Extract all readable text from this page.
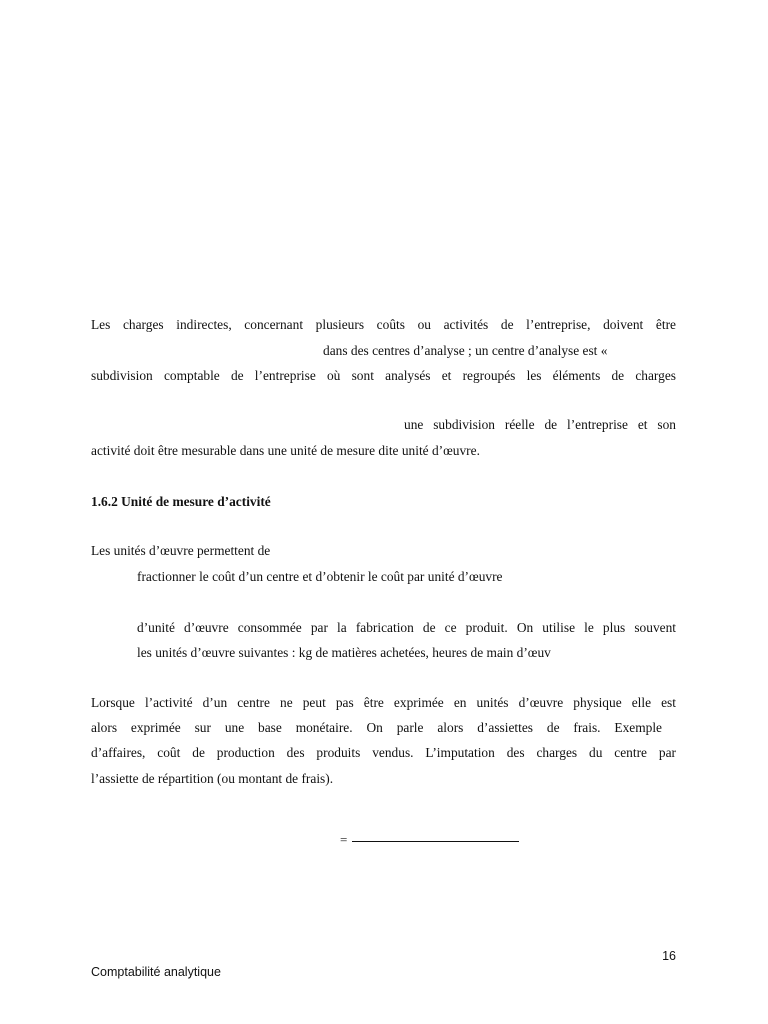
Les charges indirectes, concernant plusieurs coûts ou activités de l’entreprise, doivent être
dans des centres d’analyse ; un centre d’analyse est «
subdivision comptable de l’entreprise où sont analysés et regroupés les éléments de charges
une subdivision réelle de l’entreprise et son
activité doit être mesurable dans une unité de mesure dite unité d’œuvre.
1.6.2 Unité de mesure d’activité
Les unités d’œuvre permettent de
fractionner le coût d’un centre et d’obtenir le coût par unité d’œuvre
d’unité d’œuvre consommée par la fabrication de ce produit. On utilise le plus souvent
les unités d’œuvre suivantes : kg de matières achetées, heures de main d’œuv
Lorsque l’activité d’un centre ne peut pas être exprimée en unités d’œuvre physique elle est
alors exprimée sur une base monétaire. On parle alors d’assiettes de frais. Exemple
d’affaires, coût de production des produits vendus. L’imputation des charges du centre par
l’assiette de répartition (ou montant de frais).
=
16
Comptabilité analytique
